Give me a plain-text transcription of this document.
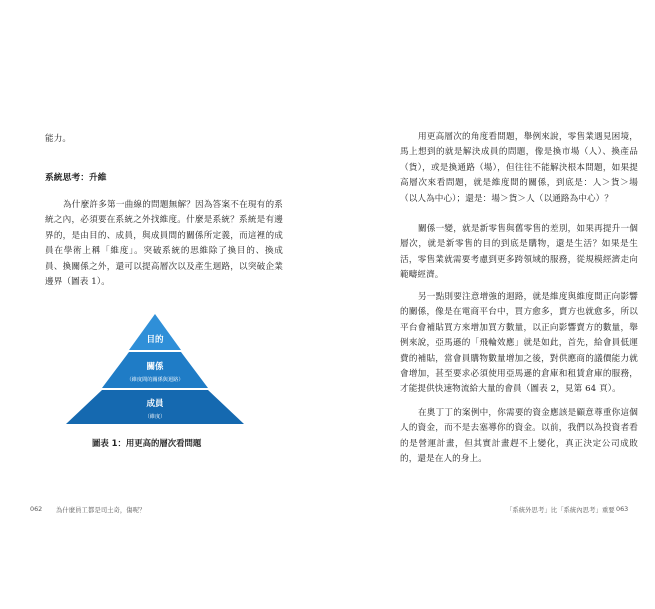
能力。

系統思考：升維

為什麼許多第一曲線的問題無解？因為答案不在現有的系統之內，必須要在系統之外找維度。什麼是系統？系統是有邊界的，是由目的、成員，與成員間的關係所定義，而這裡的成員在學術上稱「維度」。突破系統的思維除了換目的、換成員、換關係之外，還可以提高層次以及產生迴路，以突破企業邊界（圖表 1）。

目的
關係
（維度間的關係與迴路）
成員
（維度）

圖表 1：用更高的層次看問題

062 為什麼員工都是司土奇，傷呢？

用更高層次的角度看問題，舉例來說，零售業遇見困境，馬上想到的就是解決成員的問題，像是換市場（人）、換產品（貨），或是換通路（場），但往往不能解決根本問題，如果提高層次來看問題，就是維度間的關係，到底是：人＞貨＞場（以人為中心）；還是：場＞貨＞人（以通路為中心）？

關係一變，就是新零售與舊零售的差別，如果再提升一個層次，就是新零售的目的到底是購物，還是生活？如果是生活，零售業就需要考慮到更多跨領域的服務，從規模經濟走向範疇經濟。

另一點則要注意增強的迴路，就是維度與維度間正向影響的關係，像是在電商平台中，買方愈多，賣方也就愈多，所以平台會補貼買方來增加買方數量，以正向影響賣方的數量，舉例來說，亞馬遜的「飛輪效應」就是如此，首先，給會員低運費的補貼，當會員購物數量增加之後，對供應商的議價能力就會增加，甚至要求必須使用亞馬遜的倉庫和租賃倉庫的服務，才能提供快速物流給大量的會員（圖表 2，見第 64 頁）。

在奧丁丁的案例中，你需要的資金應該是顧意尊重你這個人的資金，而不是去塞導你的資金。以前，我們以為投資者看的是營運計畫，但其實計畫趕不上變化，真正決定公司成敗的，還是在人的身上。

「系統外思考」比「系統內思考」重要 063
